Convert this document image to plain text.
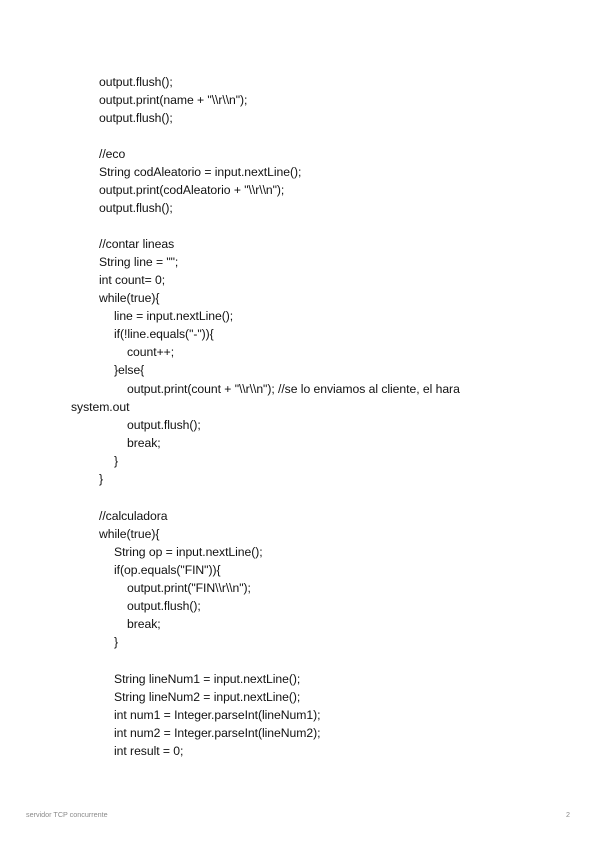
output.flush();
output.print(name + "\\r\\n");
output.flush();
//eco
String codAleatorio = input.nextLine();
output.print(codAleatorio + "\\r\\n");
output.flush();
//contar lineas
String line = "";
int count= 0;
while(true){
line = input.nextLine();
if(!line.equals("-")){
count++;
}else{
output.print(count + "\\r\\n"); //se lo enviamos al cliente, el hara
system.out
output.flush();
break;
}
}
//calculadora
while(true){
String op = input.nextLine();
if(op.equals("FIN")){
output.print("FIN\\r\\n");
output.flush();
break;
}
String lineNum1 = input.nextLine();
String lineNum2 = input.nextLine();
int num1 = Integer.parseInt(lineNum1);
int num2 = Integer.parseInt(lineNum2);
int result = 0;
servidor TCP concurrente	2
